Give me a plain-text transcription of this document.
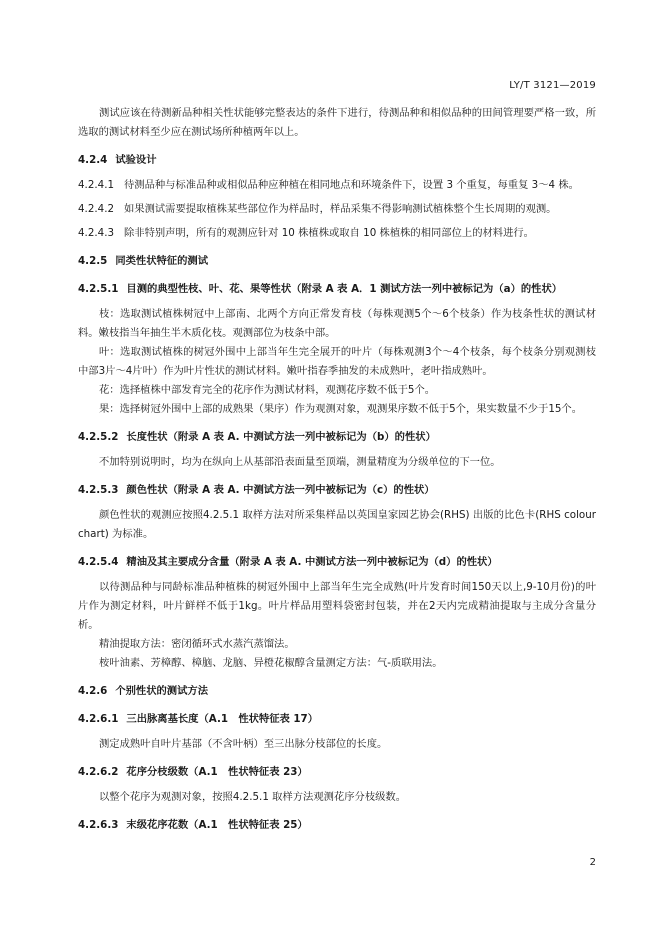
LY/T 3121—2019

测试应该在待测新品种相关性状能够完整表达的条件下进行，待测品种和相似品种的田间管理要严格一致，所选取的测试材料至少应在测试场所种植两年以上。

4.2.4 试验设计

4.2.4.1 待测品种与标准品种或相似品种应种植在相同地点和环境条件下，设置 3 个重复，每重复 3～4 株。

4.2.4.2 如果测试需要提取植株某些部位作为样品时，样品采集不得影响测试植株整个生长周期的观测。

4.2.4.3 除非特别声明，所有的观测应针对 10 株植株或取自 10 株植株的相同部位上的材料进行。

4.2.5 同类性状特征的测试
4.2.5.1 目测的典型性枝、叶、花、果等性状（附录 A 表 A．1 测试方法一列中被标记为（a）的性状）

枝：选取测试植株树冠中上部南、北两个方向正常发育枝（每株观测5个～6个枝条）作为枝条性状的测试材料。嫩枝指当年抽生半木质化枝。观测部位为枝条中部。

叶：选取测试植株的树冠外围中上部当年生完全展开的叶片（每株观测3个～4个枝条，每个枝条分别观测枝中部3片～4片叶）作为叶片性状的测试材料。嫩叶指春季抽发的未成熟叶，老叶指成熟叶。

花：选择植株中部发育完全的花序作为测试材料，观测花序数不低于5个。

果：选择树冠外围中上部的成熟果（果序）作为观测对象，观测果序数不低于5个，果实数量不少于15个。

4.2.5.2 长度性状（附录 A 表 A. 中测试方法一列中被标记为（b）的性状）

不加特别说明时，均为在纵向上从基部沿表面量至顶端，测量精度为分级单位的下一位。

4.2.5.3 颜色性状（附录 A 表 A. 中测试方法一列中被标记为（c）的性状）

颜色性状的观测应按照4.2.5.1 取样方法对所采集样品以英国皇家园艺协会(RHS) 出版的比色卡(RHS colour chart) 为标准。

4.2.5.4 精油及其主要成分含量（附录 A 表 A. 中测试方法一列中被标记为（d）的性状）

以待测品种与同龄标准品种植株的树冠外围中上部当年生完全成熟(叶片发育时间150天以上,9-10月份)的叶片作为测定材料，叶片鲜样不低于1kg。叶片样品用塑料袋密封包装，并在2天内完成精油提取与主成分含量分析。

精油提取方法：密闭循环式水蒸汽蒸馏法。

桉叶油素、芳樟醇、樟脑、龙脑、异橙花椒醇含量测定方法：气-质联用法。

4.2.6 个别性状的测试方法
4.2.6.1 三出脉离基长度（A.1　性状特征表 17）

测定成熟叶自叶片基部（不含叶柄）至三出脉分枝部位的长度。

4.2.6.2 花序分枝级数（A.1　性状特征表 23）

以整个花序为观测对象，按照4.2.5.1 取样方法观测花序分枝级数。

4.2.6.3 末级花序花数（A.1　性状特征表 25）
2
